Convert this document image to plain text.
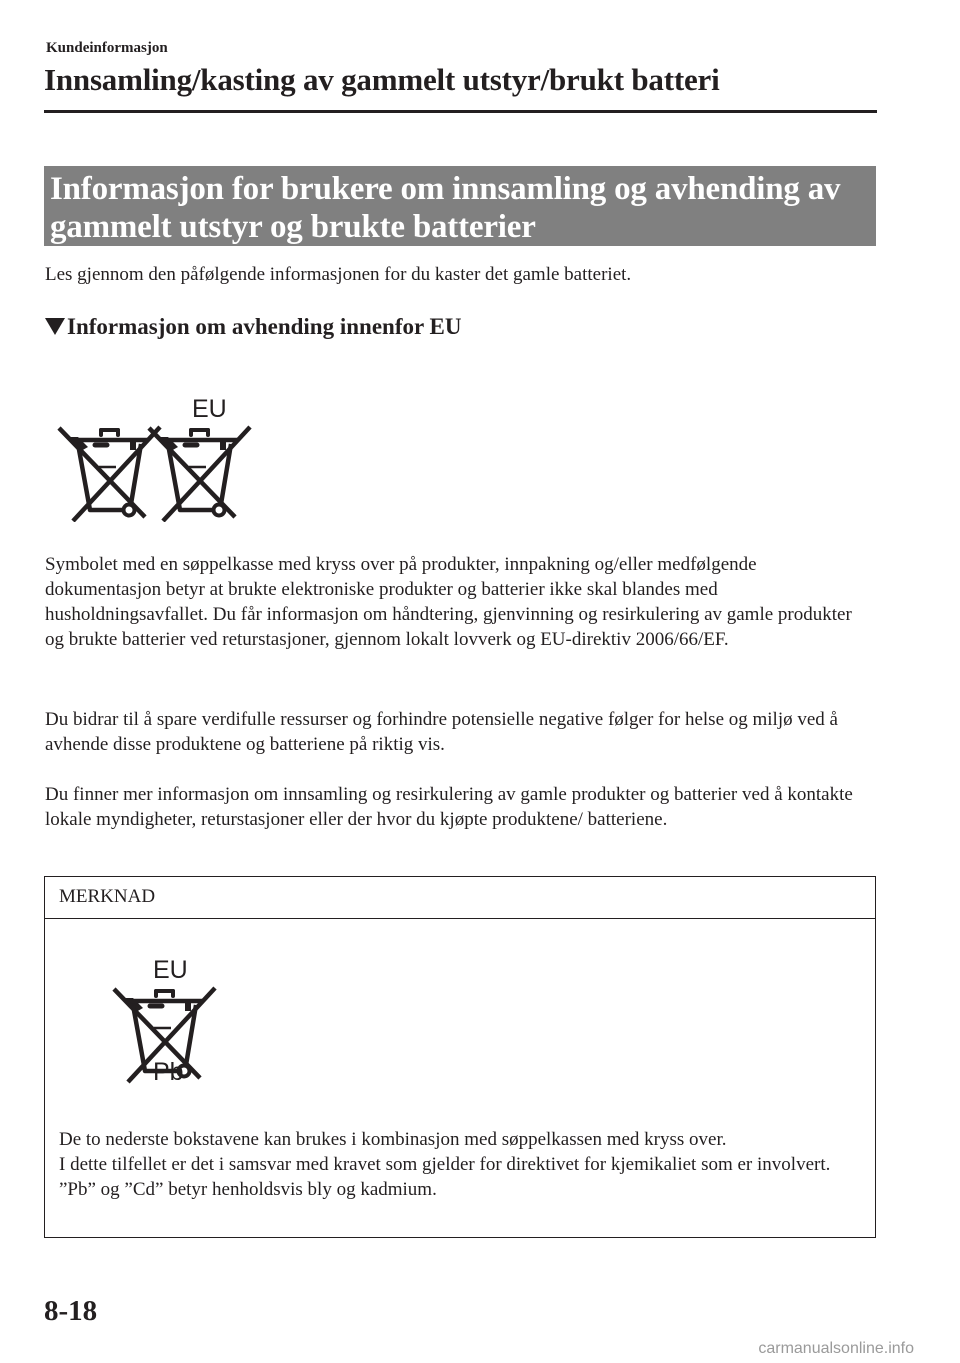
Kundeinformasjon
Innsamling/kasting av gammelt utstyr/brukt batteri
Informasjon for brukere om innsamling og avhending av gammelt utstyr og brukte batterier
Les gjennom den påfølgende informasjonen for du kaster det gamle batteriet.
Informasjon om avhending innenfor EU
EU
Symbolet med en søppelkasse med kryss over på produkter, innpakning og/eller medfølgende dokumentasjon betyr at brukte elektroniske produkter og batterier ikke skal blandes med husholdningsavfallet. Du får informasjon om håndtering, gjenvinning og resirkulering av gamle produkter og brukte batterier ved returstasjoner, gjennom lokalt lovverk og EU-direktiv 2006/66/EF.
Du bidrar til å spare verdifulle ressurser og forhindre potensielle negative følger for helse og miljø ved å avhende disse produktene og batteriene på riktig vis.
Du finner mer informasjon om innsamling og resirkulering av gamle produkter og batterier ved å kontakte lokale myndigheter, returstasjoner eller der hvor du kjøpte produktene/ batteriene.
MERKNAD
EU
Pb
De to nederste bokstavene kan brukes i kombinasjon med søppelkassen med kryss over.
I dette tilfellet er det i samsvar med kravet som gjelder for direktivet for kjemikaliet som er involvert.
”Pb” og ”Cd” betyr henholdsvis bly og kadmium.
8-18
carmanualsonline.info
